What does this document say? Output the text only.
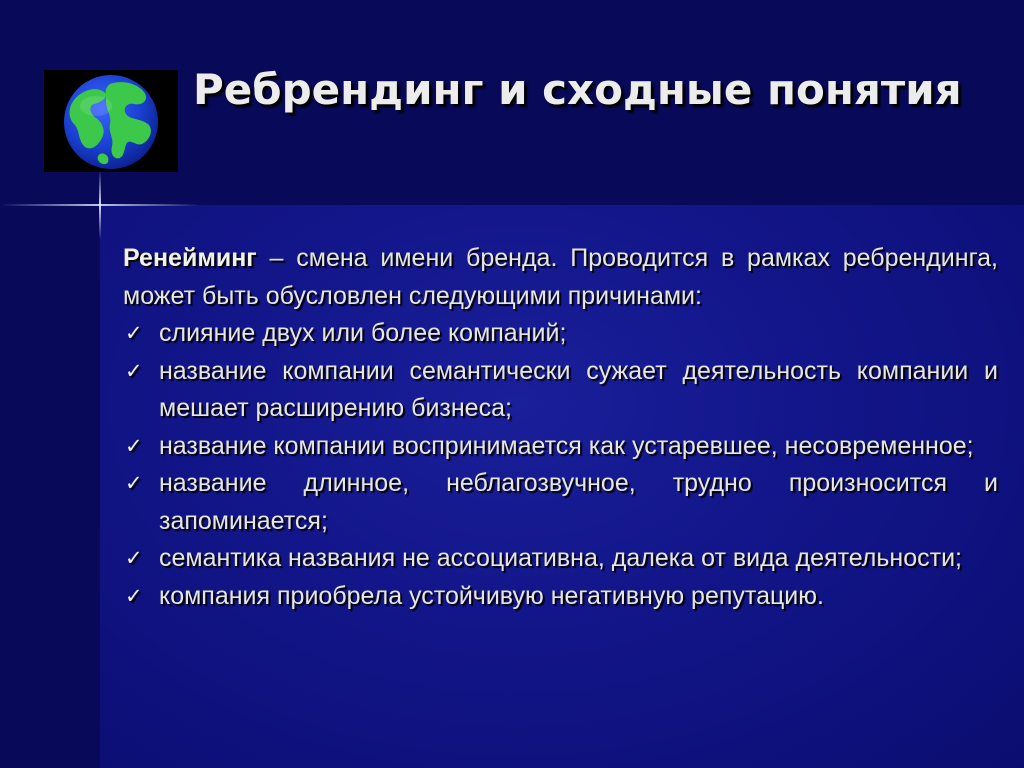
Ребрендинг и сходные понятия

Ренейминг – смена имени бренда. Проводится в рамках ребрендинга, может быть обусловлен следующими причинами:

✓ слияние двух или более компаний;
✓ название компании семантически сужает деятельность компании и мешает расширению бизнеса;
✓ название компании воспринимается как устаревшее, несовременное;
✓ название длинное, неблагозвучное, трудно произносится и запоминается;
✓ семантика названия не ассоциативна, далека от вида деятельности;
✓ компания приобрела устойчивую негативную репутацию.
